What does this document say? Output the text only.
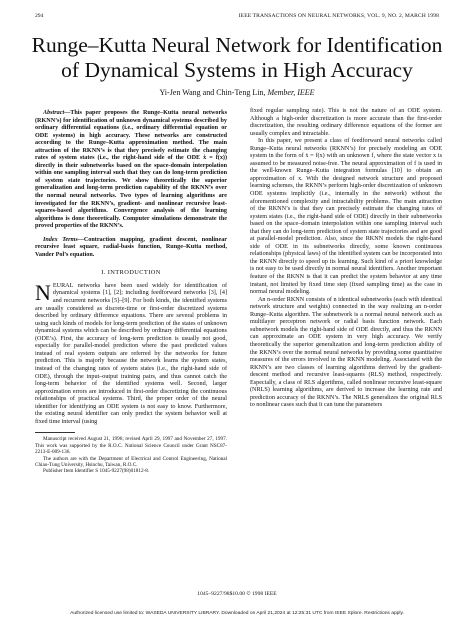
294	IEEE TRANSACTIONS ON NEURAL NETWORKS, VOL. 9, NO. 2, MARCH 1998
Runge–Kutta Neural Network for Identification of Dynamical Systems in High Accuracy
Yi-Jen Wang and Chin-Teng Lin, Member, IEEE

Abstract—This paper proposes the Runge–Kutta neural networks (RKNN’s) for identification of unknown dynamical systems described by ordinary differential equations (i.e., ordinary differential equation or ODE systems) in high accuracy. These networks are constructed according to the Runge–Kutta approximation method. The main attraction of the RKNN’s is that they precisely estimate the changing rates of system states (i.e., the right-hand side of the ODE ẋ = f(x)) directly in their subnetworks based on the space-domain interpolation within one sampling interval such that they can do long-term prediction of system state trajectories. We show theoretically the superior generalization and long-term prediction capability of the RKNN’s over the normal neural networks. Two types of learning algorithms are investigated for the RKNN’s, gradient- and nonlinear recursive least-squares-based algorithms. Convergence analysis of the learning algorithms is done theoretically. Computer simulations demonstrate the proved properties of the RKNN’s.

Index Terms—Contraction mapping, gradient descent, nonlinear recursive least square, radial-basis function, Runge–Kutta method, Vander Pol’s equation.

I. INTRODUCTION

NEURAL networks have been used widely for identification of dynamical systems [1], [2]; including feedforward networks [3], [4] and recurrent networks [5]–[9]. For both kinds, the identified systems are usually considered as discrete-time or first-order discretized systems described by ordinary difference equations. There are several problems in using such kinds of models for long-term prediction of the states of unknown dynamical systems which can be described by ordinary differential equations (ODE’s). First, the accuracy of long-term prediction is usually not good, especially for parallel-model prediction where the past predicted values instead of real system outputs are referred by the networks for future prediction. This is majorly because the network learns the system states, instead of the changing rates of system states (i.e., the right-hand side of ODE), through the input–output training pairs, and thus cannot catch the long-term behavior of the identified systems well. Second, larger approximation errors are introduced in first-order discretizing the continuous relationships of practical systems. Third, the proper order of the neural identifier for identifying an ODE system is not easy to know. Furthermore, the existing neural identifier can only predict the system behavior well at fixed time interval (using

Manuscript received August 21, 1996; revised April 29, 1997 and November 27, 1997. This work was supported by the R.O.C. National Science Council under Grant NSC87-2213-E-009-136.

The authors are with the Department of Electrical and Control Engineering, National Chiao-Tung University, Hsinchu, Taiwan, R.O.C.

Publisher Item Identifier S 1045-9227(98)01812-8.

fixed regular sampling rate). This is not the nature of an ODE system. Although a high-order discretization is more accurate than the first-order discretization, the resulting ordinary difference equations of the former are usually complex and intractable.

In this paper, we present a class of feedforward neural networks called Runge–Kutta neural networks (RKNN’s) for precisely modeling an ODE system in the form of ẋ = f(x) with an unknown f, where the state vector x is assumed to be measured noise-free. The neural approximation of f is used in the well-known Runge–Kutta integration formulas [10] to obtain an approximation of x. With the designed network structure and proposed learning schemes, the RKNN’s perform high-order discretization of unknown ODE systems implicitly (i.e., internally in the network) without the aforementioned complexity and intractability problems. The main attraction of the RKNN’s is that they can precisely estimate the changing rates of system states (i.e., the right-hand side of ODE) directly in their subnetworks based on the space–domain interpolation within one sampling interval such that they can do long-term prediction of system state trajectories and are good at parallel-model prediction. Also, since the RKNN models the right-hand side of ODE in its subnetworks directly, some known continuous relationships (physical laws) of the identified system can be incorporated into the RKNN directly to speed up its learning. Such kind of a priori knowledge is not easy to be used directly in normal neural identifiers. Another important feature of the RKNN is that it can predict the system behavior at any time instant, not limited by fixed time step (fixed sampling time) as the case in normal neural modeling.

An n-order RKNN consists of n identical subnetworks (each with identical network structure and weights) connected in the way realizing an n-order Runge–Kutta algorithm. The subnetwork is a normal neural network such as multilayer perceptron network or radial basis function network. Each subnetwork models the right-hand side of ODE directly, and thus the RKNN can approximate an ODE system in very high accuracy. We verify theoretically the superior generalization and long-term prediction ability of the RKNN’s over the normal neural networks by providing some quantitative measures of the errors involved in the RKNN modeling. Associated with the RKNN’s are two classes of learning algorithms derived by the gradient-descent method and recursive least-squares (RLS) method, respectively. Especially, a class of RLS algorithms, called nonlinear recursive least-square (NRLS) learning algorithms, are derived to increase the learning rate and prediction accuracy of the RKNN’s. The NRLS generalizes the original RLS to nonlinear cases such that it can tune the parameters

1045–9227/98$10.00 © 1998 IEEE
Authorized licensed use limited to: WASEDA UNIVERSITY LIBRARY. Downloaded on April 21,2024 at 12:25:31 UTC from IEEE Xplore. Restrictions apply.
